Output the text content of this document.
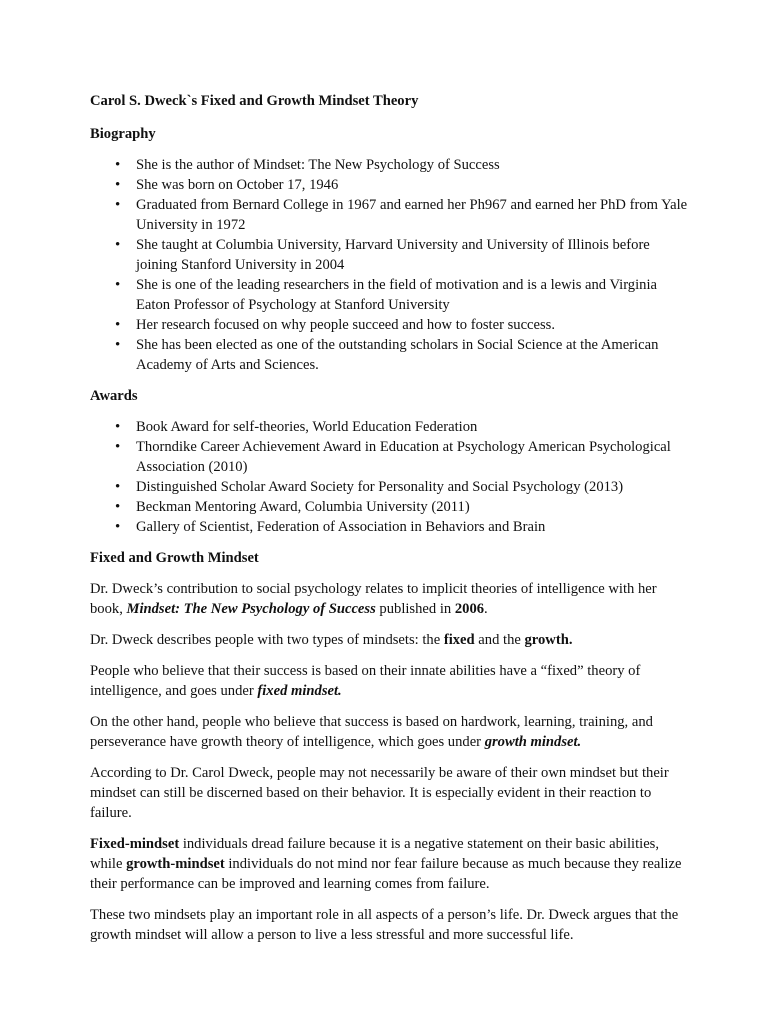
Carol S. Dweck`s Fixed and Growth Mindset Theory
Biography
• She is the author of Mindset: The New Psychology of Success
• She was born on October 17, 1946
• Graduated from Bernard College in 1967 and earned her Ph967 and earned her PhD from Yale University in 1972
• She taught at Columbia University, Harvard University and University of Illinois before joining Stanford University in 2004
• She is one of the leading researchers in the field of motivation and is a lewis and Virginia Eaton Professor of Psychology at Stanford University
• Her research focused on why people succeed and how to foster success.
• She has been elected as one of the outstanding scholars in Social Science at the American Academy of Arts and Sciences.
Awards
• Book Award for self-theories, World Education Federation
• Thorndike Career Achievement Award in Education at Psychology American Psychological Association (2010)
• Distinguished Scholar Award Society for Personality and Social Psychology (2013)
• Beckman Mentoring Award, Columbia University (2011)
• Gallery of Scientist, Federation of Association in Behaviors and Brain
Fixed and Growth Mindset

Dr. Dweck’s contribution to social psychology relates to implicit theories of intelligence with her book, Mindset: The New Psychology of Success published in 2006.

Dr. Dweck describes people with two types of mindsets: the fixed and the growth.

People who believe that their success is based on their innate abilities have a “fixed” theory of intelligence, and goes under fixed mindset.

On the other hand, people who believe that success is based on hardwork, learning, training, and perseverance have growth theory of intelligence, which goes under growth mindset.

According to Dr. Carol Dweck, people may not necessarily be aware of their own mindset but their mindset can still be discerned based on their behavior. It is especially evident in their reaction to failure.

Fixed-mindset individuals dread failure because it is a negative statement on their basic abilities, while growth-mindset individuals do not mind nor fear failure because as much because they realize their performance can be improved and learning comes from failure.

These two mindsets play an important role in all aspects of a person’s life. Dr. Dweck argues that the growth mindset will allow a person to live a less stressful and more successful life.
